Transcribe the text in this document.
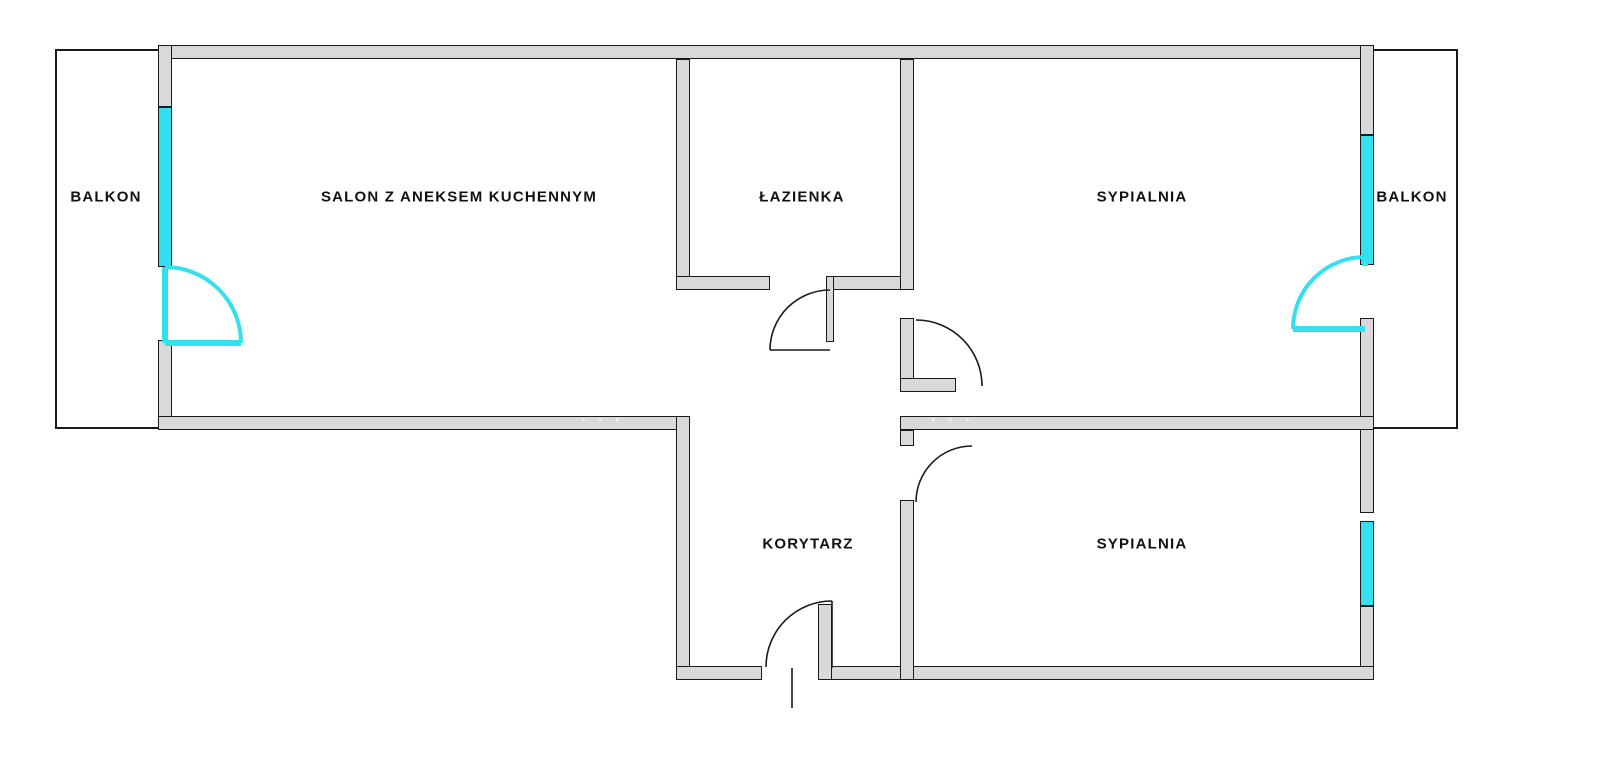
. . .	. . .
BALKON	SALON Z ANEKSEM KUCHENNYM	ŁAZIENKA	SYPIALNIA	BALKON
KORYTARZ	SYPIALNIA
